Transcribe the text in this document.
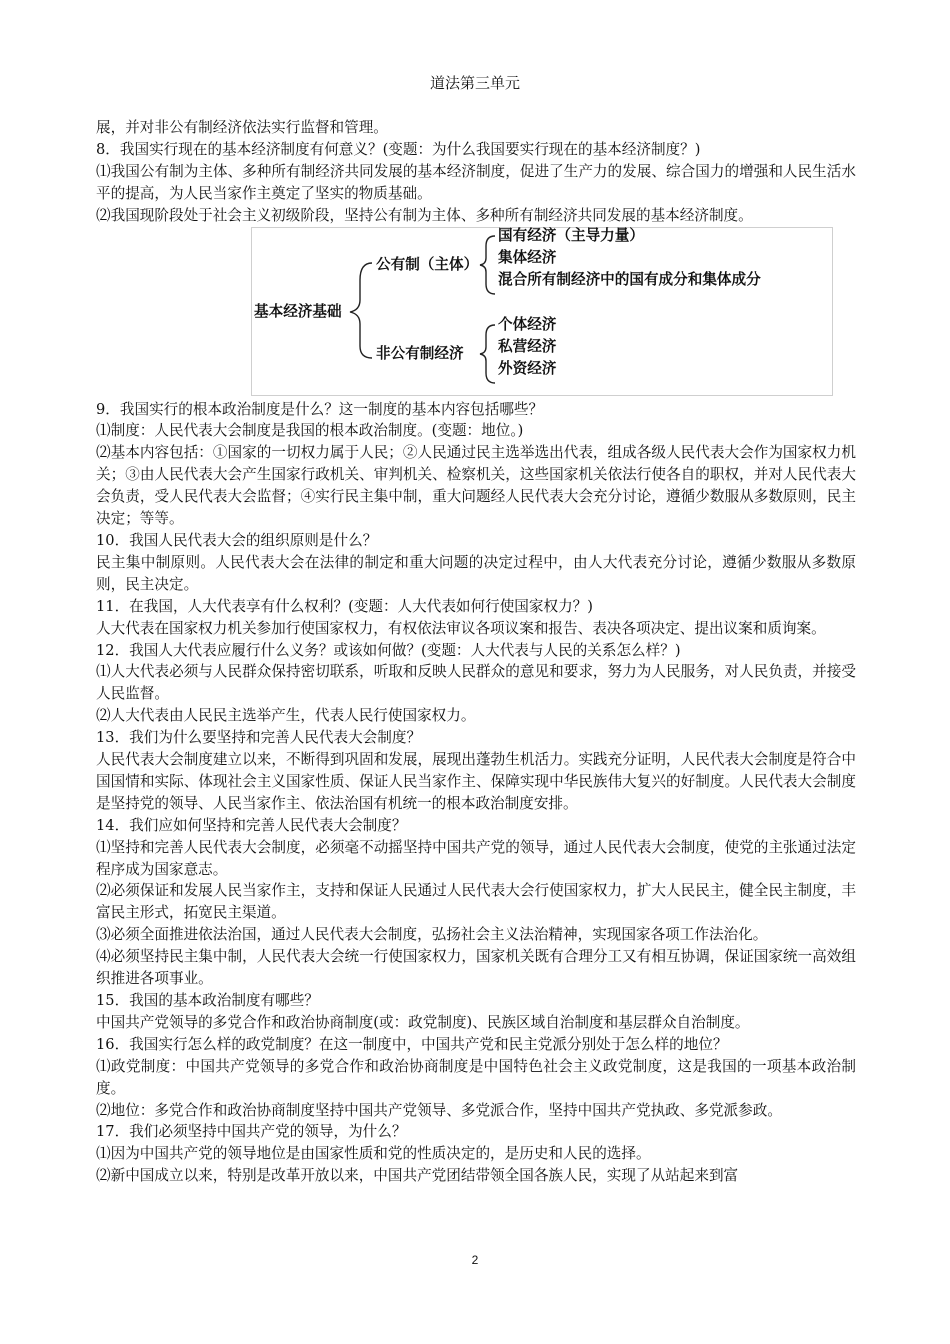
道法第三单元

展，并对非公有制经济依法实行监督和管理。

8．我国实行现在的基本经济制度有何意义？(变题：为什么我国要实行现在的基本经济制度？)

⑴我国公有制为主体、多种所有制经济共同发展的基本经济制度，促进了生产力的发展、综合国力的增强和人民生活水平的提高，为人民当家作主奠定了坚实的物质基础。

⑵我国现阶段处于社会主义初级阶段，坚持公有制为主体、多种所有制经济共同发展的基本经济制度。

基本经济基础
公有制（主体）
国有经济（主导力量）
集体经济
混合所有制经济中的国有成分和集体成分
非公有制经济
个体经济
私营经济
外资经济

9．我国实行的根本政治制度是什么？这一制度的基本内容包括哪些？

⑴制度：人民代表大会制度是我国的根本政治制度。(变题：地位。)

⑵基本内容包括：①国家的一切权力属于人民；②人民通过民主选举选出代表，组成各级人民代表大会作为国家权力机关；③由人民代表大会产生国家行政机关、审判机关、检察机关，这些国家机关依法行使各自的职权，并对人民代表大会负责，受人民代表大会监督；④实行民主集中制，重大问题经人民代表大会充分讨论，遵循少数服从多数原则，民主决定；等等。

10．我国人民代表大会的组织原则是什么？

民主集中制原则。人民代表大会在法律的制定和重大问题的决定过程中，由人大代表充分讨论，遵循少数服从多数原则，民主决定。

11．在我国，人大代表享有什么权利？(变题：人大代表如何行使国家权力？)

人大代表在国家权力机关参加行使国家权力，有权依法审议各项议案和报告、表决各项决定、提出议案和质询案。

12．我国人大代表应履行什么义务？或该如何做？(变题：人大代表与人民的关系怎么样？)

⑴人大代表必须与人民群众保持密切联系，听取和反映人民群众的意见和要求，努力为人民服务，对人民负责，并接受人民监督。

⑵人大代表由人民民主选举产生，代表人民行使国家权力。

13．我们为什么要坚持和完善人民代表大会制度？

人民代表大会制度建立以来，不断得到巩固和发展，展现出蓬勃生机活力。实践充分证明，人民代表大会制度是符合中国国情和实际、体现社会主义国家性质、保证人民当家作主、保障实现中华民族伟大复兴的好制度。人民代表大会制度是坚持党的领导、人民当家作主、依法治国有机统一的根本政治制度安排。

14．我们应如何坚持和完善人民代表大会制度？

⑴坚持和完善人民代表大会制度，必须毫不动摇坚持中国共产党的领导，通过人民代表大会制度，使党的主张通过法定程序成为国家意志。

⑵必须保证和发展人民当家作主，支持和保证人民通过人民代表大会行使国家权力，扩大人民民主，健全民主制度，丰富民主形式，拓宽民主渠道。

⑶必须全面推进依法治国，通过人民代表大会制度，弘扬社会主义法治精神，实现国家各项工作法治化。

⑷必须坚持民主集中制，人民代表大会统一行使国家权力，国家机关既有合理分工又有相互协调，保证国家统一高效组织推进各项事业。

15．我国的基本政治制度有哪些？

中国共产党领导的多党合作和政治协商制度(或：政党制度)、民族区域自治制度和基层群众自治制度。

16．我国实行怎么样的政党制度？在这一制度中，中国共产党和民主党派分别处于怎么样的地位？

⑴政党制度：中国共产党领导的多党合作和政治协商制度是中国特色社会主义政党制度，这是我国的一项基本政治制度。

⑵地位：多党合作和政治协商制度坚持中国共产党领导、多党派合作，坚持中国共产党执政、多党派参政。

17．我们必须坚持中国共产党的领导，为什么？

⑴因为中国共产党的领导地位是由国家性质和党的性质决定的，是历史和人民的选择。

⑵新中国成立以来，特别是改革开放以来，中国共产党团结带领全国各族人民，实现了从站起来到富

2
